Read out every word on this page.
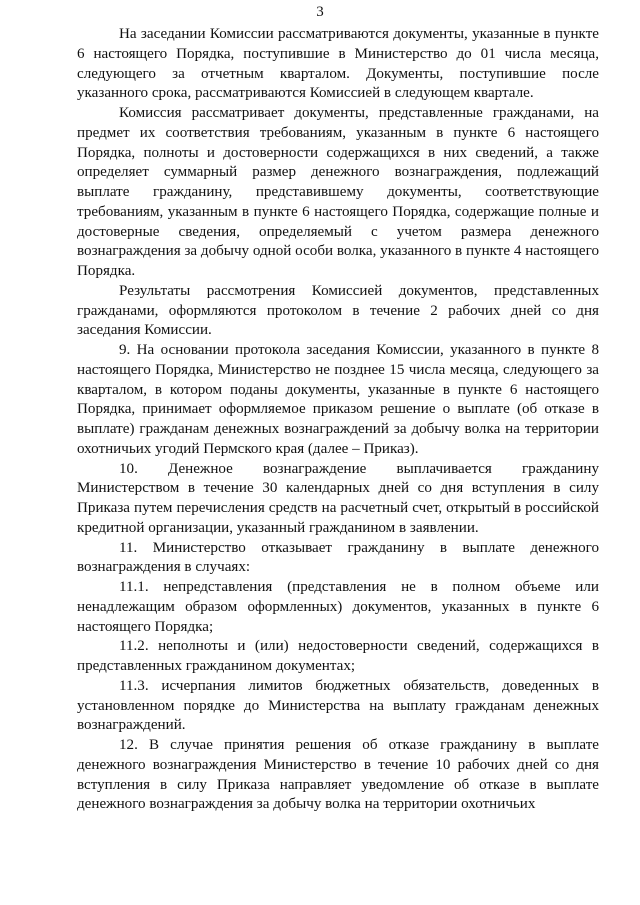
3

На заседании Комиссии рассматриваются документы, указанные в пункте 6 настоящего Порядка, поступившие в Министерство до 01 числа месяца, следующего за отчетным кварталом. Документы, поступившие после указанного срока, рассматриваются Комиссией в следующем квартале.

Комиссия рассматривает документы, представленные гражданами, на предмет их соответствия требованиям, указанным в пункте 6 настоящего Порядка, полноты и достоверности содержащихся в них сведений, а также определяет суммарный размер денежного вознаграждения, подлежащий выплате гражданину, представившему документы, соответствующие требованиям, указанным в пункте 6 настоящего Порядка, содержащие полные и достоверные сведения, определяемый с учетом размера денежного вознаграждения за добычу одной особи волка, указанного в пункте 4 настоящего Порядка.

Результаты рассмотрения Комиссией документов, представленных гражданами, оформляются протоколом в течение 2 рабочих дней со дня заседания Комиссии.

9. На основании протокола заседания Комиссии, указанного в пункте 8 настоящего Порядка, Министерство не позднее 15 числа месяца, следующего за кварталом, в котором поданы документы, указанные в пункте 6 настоящего Порядка, принимает оформляемое приказом решение о выплате (об отказе в выплате) гражданам денежных вознаграждений за добычу волка на территории охотничьих угодий Пермского края (далее – Приказ).

10. Денежное вознаграждение выплачивается гражданину Министерством в течение 30 календарных дней со дня вступления в силу Приказа путем перечисления средств на расчетный счет, открытый в российской кредитной организации, указанный гражданином в заявлении.

11. Министерство отказывает гражданину в выплате денежного вознаграждения в случаях:

11.1. непредставления (представления не в полном объеме или ненадлежащим образом оформленных) документов, указанных в пункте 6 настоящего Порядка;

11.2. неполноты и (или) недостоверности сведений, содержащихся в представленных гражданином документах;

11.3. исчерпания лимитов бюджетных обязательств, доведенных в установленном порядке до Министерства на выплату гражданам денежных вознаграждений.

12. В случае принятия решения об отказе гражданину в выплате денежного вознаграждения Министерство в течение 10 рабочих дней со дня вступления в силу Приказа направляет уведомление об отказе в выплате денежного вознаграждения за добычу волка на территории охотничьих
